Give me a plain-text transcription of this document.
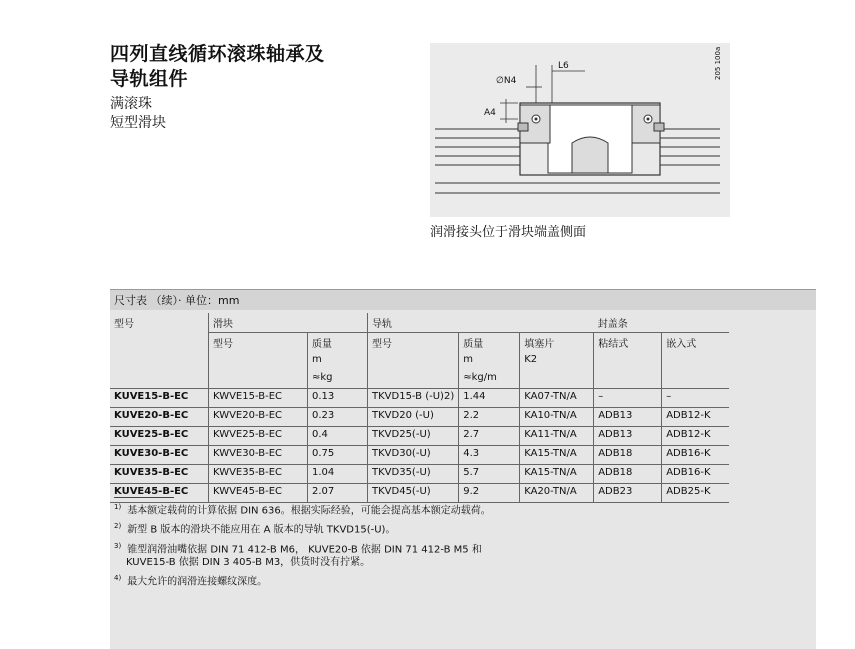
四列直线循环滚珠轴承及
导轨组件
满滚珠
短型滑块
L6
∅N4
A4
205 100a
润滑接头位于滑块端盖侧面
尺寸表 （续）· 单位：mm
型号	滑块		导轨			封盖条	
	型号	质量	型号	质量	填塞片	粘结式	嵌入式
		m		m	K2		
		≈kg		≈kg/m			
KUVE15-B-EC	KWVE15-B-EC	0.13	TKVD15-B (-U)2)	1.44	KA07-TN/A	–	–
KUVE20-B-EC	KWVE20-B-EC	0.23	TKVD20 (-U)	2.2	KA10-TN/A	ADB13	ADB12-K
KUVE25-B-EC	KWVE25-B-EC	0.4	TKVD25(-U)	2.7	KA11-TN/A	ADB13	ADB12-K
KUVE30-B-EC	KWVE30-B-EC	0.75	TKVD30(-U)	4.3	KA15-TN/A	ADB18	ADB16-K
KUVE35-B-EC	KWVE35-B-EC	1.04	TKVD35(-U)	5.7	KA15-TN/A	ADB18	ADB16-K
KUVE45-B-EC	KWVE45-B-EC	2.07	TKVD45(-U)	9.2	KA20-TN/A	ADB23	ADB25-K
$^{1)}$ 基本额定载荷的计算依据 DIN 636。根据实际经验，可能会提高基本额定动载荷。
$^{2)}$ 新型 B 版本的滑块不能应用在 A 版本的导轨 TKVD15(-U)。
$^{3)}$ 锥型润滑油嘴依据 DIN 71 412-B M6， KUVE20-B 依据 DIN 71 412-B M5 和
KUVE15-B 依据 DIN 3 405-B M3，供货时没有拧紧。
$^{4)}$ 最大允许的润滑连接螺纹深度。
